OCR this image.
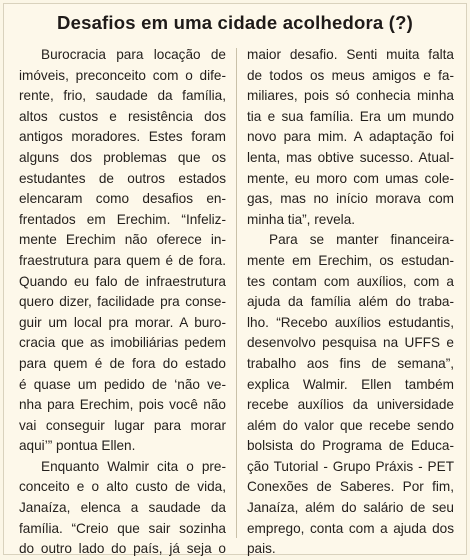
Desafios em uma cidade acolhedora (?)
Burocracia para locação de
imóveis, preconceito com o dife-
rente, frio, saudade da família,
altos custos e resistência dos
antigos moradores. Estes foram
alguns dos problemas que os
estudantes de outros estados
elencaram como desafios en-
frentados em Erechim. “Infeliz-
mente Erechim não oferece in-
fraestrutura para quem é de fora.
Quando eu falo de infraestrutura
quero dizer, facilidade pra conse-
guir um local pra morar. A buro-
cracia que as imobiliárias pedem
para quem é de fora do estado
é quase um pedido de ‘não ve-
nha para Erechim, pois você não
vai conseguir lugar para morar
aqui’” pontua Ellen.
Enquanto Walmir cita o pre-
conceito e o alto custo de vida,
Janaíza, elenca a saudade da
família. “Creio que sair sozinha
do outro lado do país, já seja o
maior desafio. Senti muita falta
de todos os meus amigos e fa-
miliares, pois só conhecia minha
tia e sua família. Era um mundo
novo para mim. A adaptação foi
lenta, mas obtive sucesso. Atual-
mente, eu moro com umas cole-
gas, mas no início morava com
minha tia”, revela.
Para se manter financeira-
mente em Erechim, os estudan-
tes contam com auxílios, com a
ajuda da família além do traba-
lho. “Recebo auxílios estudantis,
desenvolvo pesquisa na UFFS e
trabalho aos fins de semana”,
explica Walmir. Ellen também
recebe auxílios da universidade
além do valor que recebe sendo
bolsista do Programa de Educa-
ção Tutorial - Grupo Práxis - PET
Conexões de Saberes. Por fim,
Janaíza, além do salário de seu
emprego, conta com a ajuda dos
pais.
